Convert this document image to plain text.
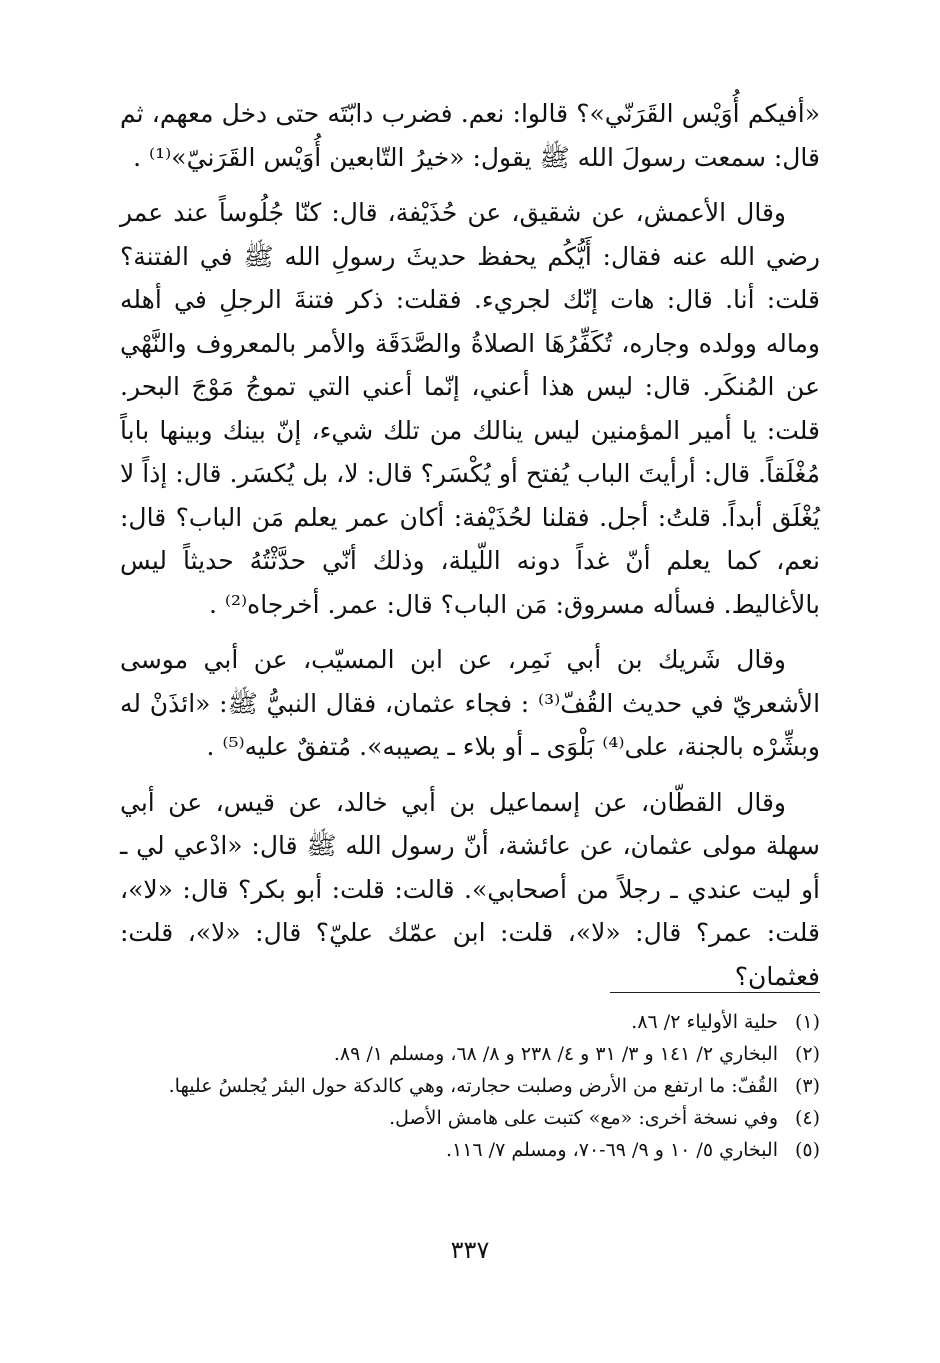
«أفيكم أُوَيْس القَرَنّي»؟ قالوا: نعم. فضرب دابّتَه حتى دخل معهم، ثم قال: سمعت رسولَ الله ﷺ يقول: «خيرُ التّابعين أُوَيْس القَرَنيّ»⁽¹⁾ .

وقال الأعمش، عن شقيق، عن حُذَيْفة، قال: كنّا جُلُوساً عند عمر رضي الله عنه فقال: أَيُّكُم يحفظ حديثَ رسولِ الله ﷺ في الفتنة؟ قلت: أنا. قال: هات إنّك لجريء. فقلت: ذكر فتنةَ الرجلِ في أهله وماله وولده وجاره، تُكَفِّرُهَا الصلاةُ والصَّدَقَة والأمر بالمعروف والنَّهْي عن المُنكَر. قال: ليس هذا أعني، إنّما أعني التي تموجُ مَوْجَ البحر. قلت: يا أمير المؤمنين ليس ينالك من تلك شيء، إنّ بينك وبينها باباً مُغْلَقاً. قال: أرأيتَ الباب يُفتح أو يُكْسَر؟ قال: لا، بل يُكسَر. قال: إذاً لا يُغْلَق أبداً. قلتُ: أجل. فقلنا لحُذَيْفة: أكان عمر يعلم مَن الباب؟ قال: نعم، كما يعلم أنّ غداً دونه اللّيلة، وذلك أنّي حدَّثْتُهُ حديثاً ليس بالأغاليط. فسأله مسروق: مَن الباب؟ قال: عمر. أخرجاه⁽²⁾ .

وقال شَريك بن أبي نَمِر، عن ابن المسيّب، عن أبي موسى الأشعريّ في حديث القُفّ⁽³⁾ : فجاء عثمان، فقال النبيُّ ﷺ: «ائذَنْ له وبشِّرْه بالجنة، على⁽⁴⁾ بَلْوَى ـ أو بلاء ـ يصيبه». مُتفقٌ عليه⁽⁵⁾ .

وقال القطّان، عن إسماعيل بن أبي خالد، عن قيس، عن أبي سهلة مولى عثمان، عن عائشة، أنّ رسول الله ﷺ قال: «ادْعي لي ـ أو ليت عندي ـ رجلاً من أصحابي». قالت: قلت: أبو بكر؟ قال: «لا»، قلت: عمر؟ قال: «لا»، قلت: ابن عمّك عليّ؟ قال: «لا»، قلت: فعثمان؟

(١)
حلية الأولياء ٢/ ٨٦.
(٢)
البخاري ٢/ ١٤١ و ٣/ ٣١ و ٤/ ٢٣٨ و ٨/ ٦٨، ومسلم ١/ ٨٩.
(٣)
القُفّ: ما ارتفع من الأرض وصلبت حجارته، وهي كالدكة حول البئر يُجلسُ عليها.
(٤)
وفي نسخة أخرى: «مع» كتبت على هامش الأصل.
(٥)
البخاري ٥/ ١٠ و ٩/ ٦٩-٧٠، ومسلم ٧/ ١١٦.
٣٣٧
